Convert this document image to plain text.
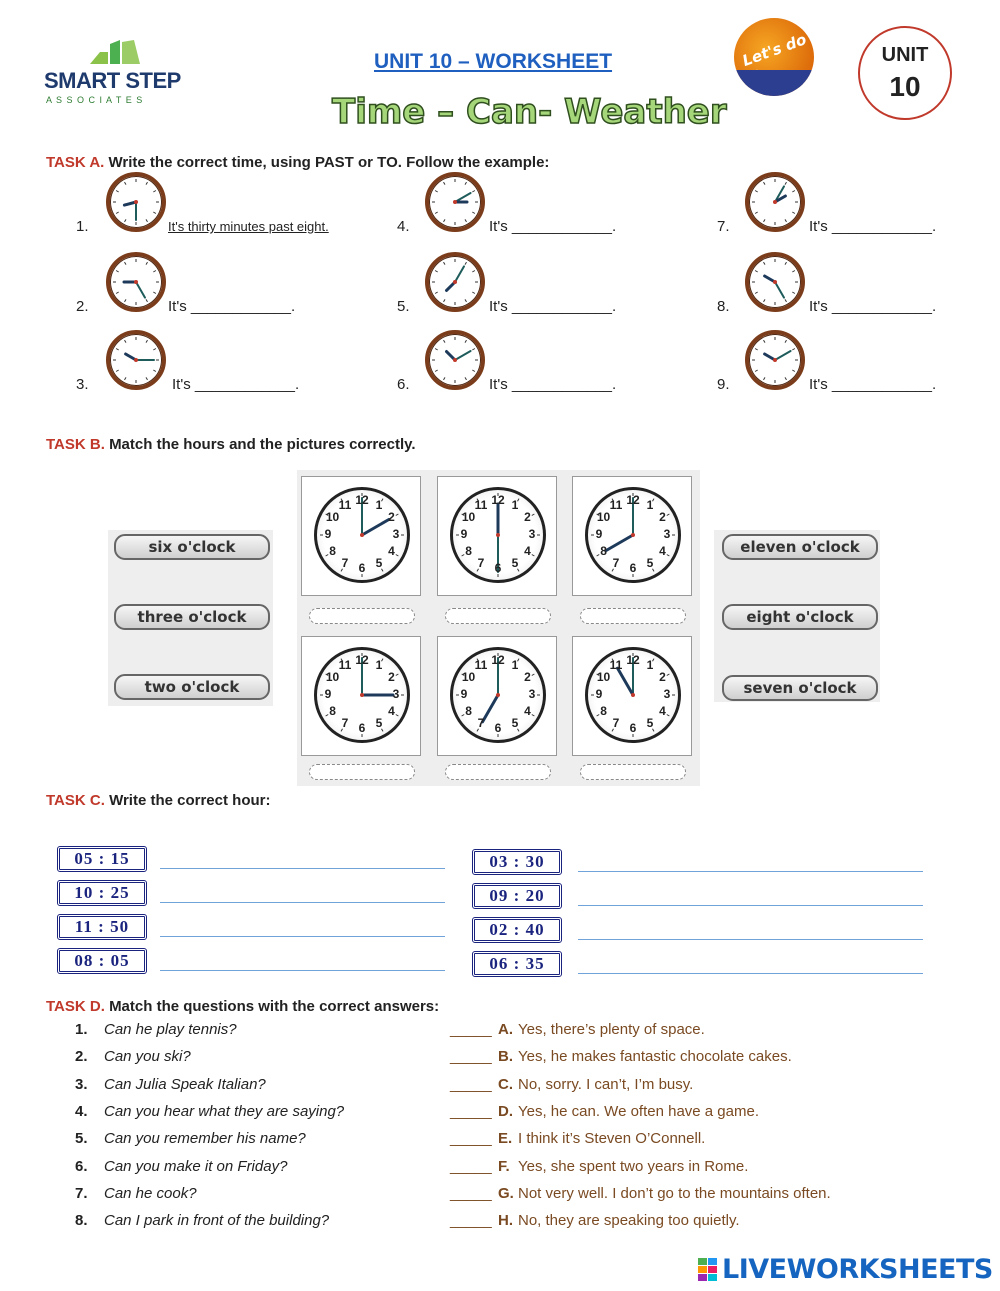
SMART STEP
A S S O C I A T E S
UNIT 10 – WORKSHEET
Time – Can- Weather
Let's do
UNIT
10
TASK A. Write the correct time, using PAST or TO. Follow the example:
1.	It's thirty minutes past eight.
2.	It's ____________.
3.	It's ____________.
4.	It's ____________.
5.	It's ____________.
6.	It's ____________.
7.	It's ____________.
8.	It's ____________.
9.	It's ____________.
TASK B. Match the hours and the pictures correctly.
six o'clock
three o'clock
two o'clock
eleven o'clock
eight o'clock
seven o'clock
12 1
2
3
4
5
6
7
8
9
10
11	12 1
2
3
4
5
6
7
8
9
10
11	12 1
2
3
4
5
6
7
8
9
10
11
12 1
2
3
4
5
6
7
8
9
10
11	12 1
2
3
4
5
6
7
8
9
10
11	12 1
2
3
4
5
6
7
8
9
10
11
TASK C. Write the correct hour:
05 : 15
10 : 25
11 : 50
08 : 05
03 : 30
09 : 20
02 : 40
06 : 35
TASK D. Match the questions with the correct answers:
1. Can he play tennis?	_____ A. Yes, there’s plenty of space.
2. Can you ski?	_____ B. Yes, he makes fantastic chocolate cakes.
3. Can Julia Speak Italian?	_____ C. No, sorry. I can’t, I’m busy.
4. Can you hear what they are saying?	_____ D. Yes, he can. We often have a game.
5. Can you remember his name?	_____ E. I think it’s Steven O’Connell.
6. Can you make it on Friday?	_____ F. Yes, she spent two years in Rome.
7. Can he cook?	_____ G. Not very well. I don’t go to the mountains often.
8. Can I park in front of the building?	_____ H. No, they are speaking too quietly.
LIVEWORKSHEETS
